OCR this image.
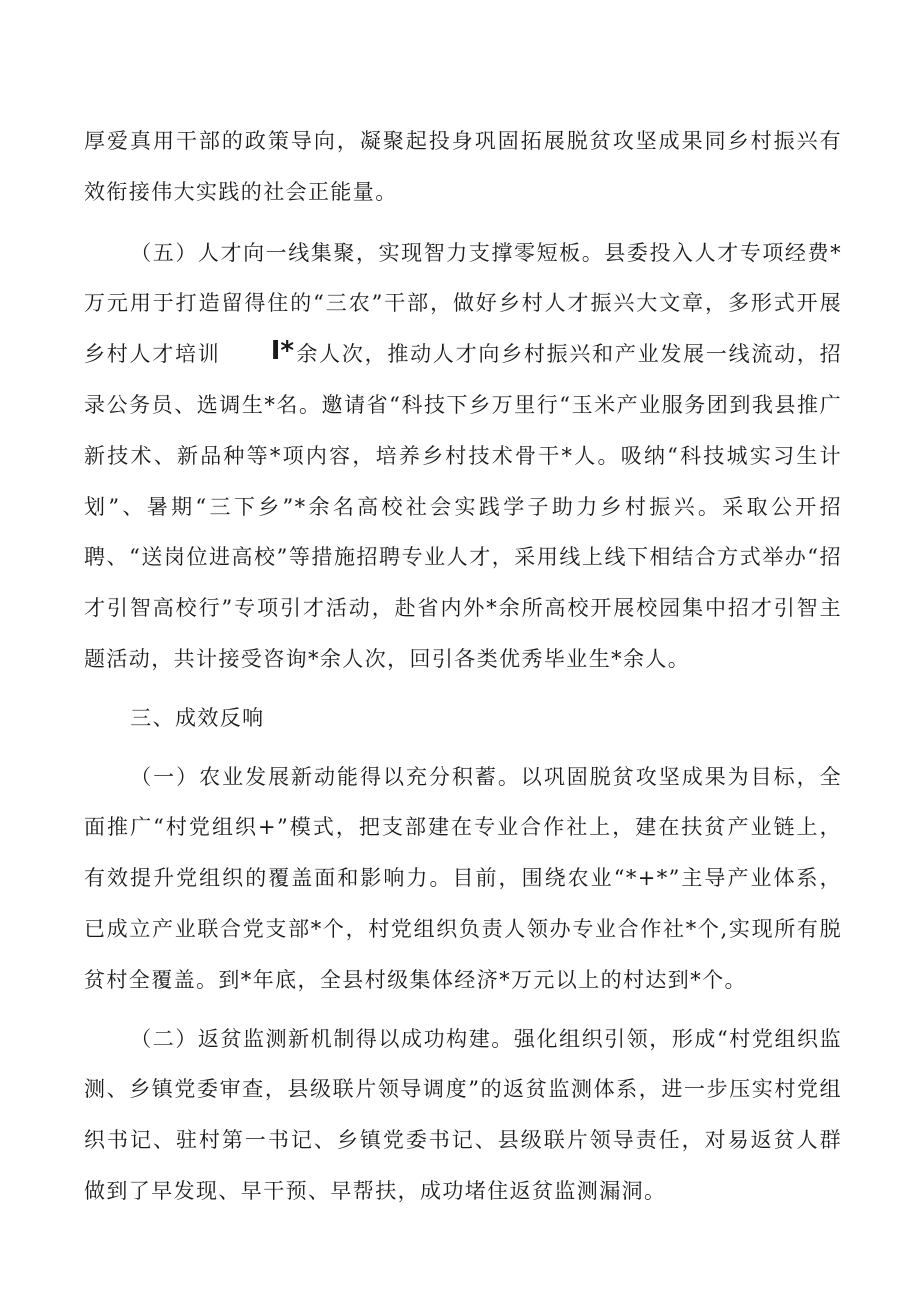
厚爱真用干部的政策导向，凝聚起投身巩固拓展脱贫攻坚成果同乡村振兴有效衔接伟大实践的社会正能量。

（五）人才向一线集聚，实现智力支撑零短板。县委投入人才专项经费*万元用于打造留得住的“三农”干部，做好乡村人才振兴大文章，多形式开展乡村人才培训 I*余人次，推动人才向乡村振兴和产业发展一线流动，招录公务员、选调生*名。邀请省“科技下乡万里行“玉米产业服务团到我县推广新技术、新品种等*项内容，培养乡村技术骨干*人。吸纳“科技城实习生计划”、暑期“三下乡”*余名高校社会实践学子助力乡村振兴。采取公开招聘、“送岗位进高校”等措施招聘专业人才，采用线上线下相结合方式举办“招才引智高校行”专项引才活动，赴省内外*余所高校开展校园集中招才引智主题活动，共计接受咨询*余人次，回引各类优秀毕业生*余人。

三、成效反响

（一）农业发展新动能得以充分积蓄。以巩固脱贫攻坚成果为目标，全面推广“村党组织+”模式，把支部建在专业合作社上，建在扶贫产业链上，有效提升党组织的覆盖面和影响力。目前，围绕农业“*+*”主导产业体系，已成立产业联合党支部*个，村党组织负责人领办专业合作社*个,实现所有脱贫村全覆盖。到*年底，全县村级集体经济*万元以上的村达到*个。

（二）返贫监测新机制得以成功构建。强化组织引领，形成“村党组织监测、乡镇党委审查，县级联片领导调度”的返贫监测体系，进一步压实村党组织书记、驻村第一书记、乡镇党委书记、县级联片领导责任，对易返贫人群做到了早发现、早干预、早帮扶，成功堵住返贫监测漏洞。
